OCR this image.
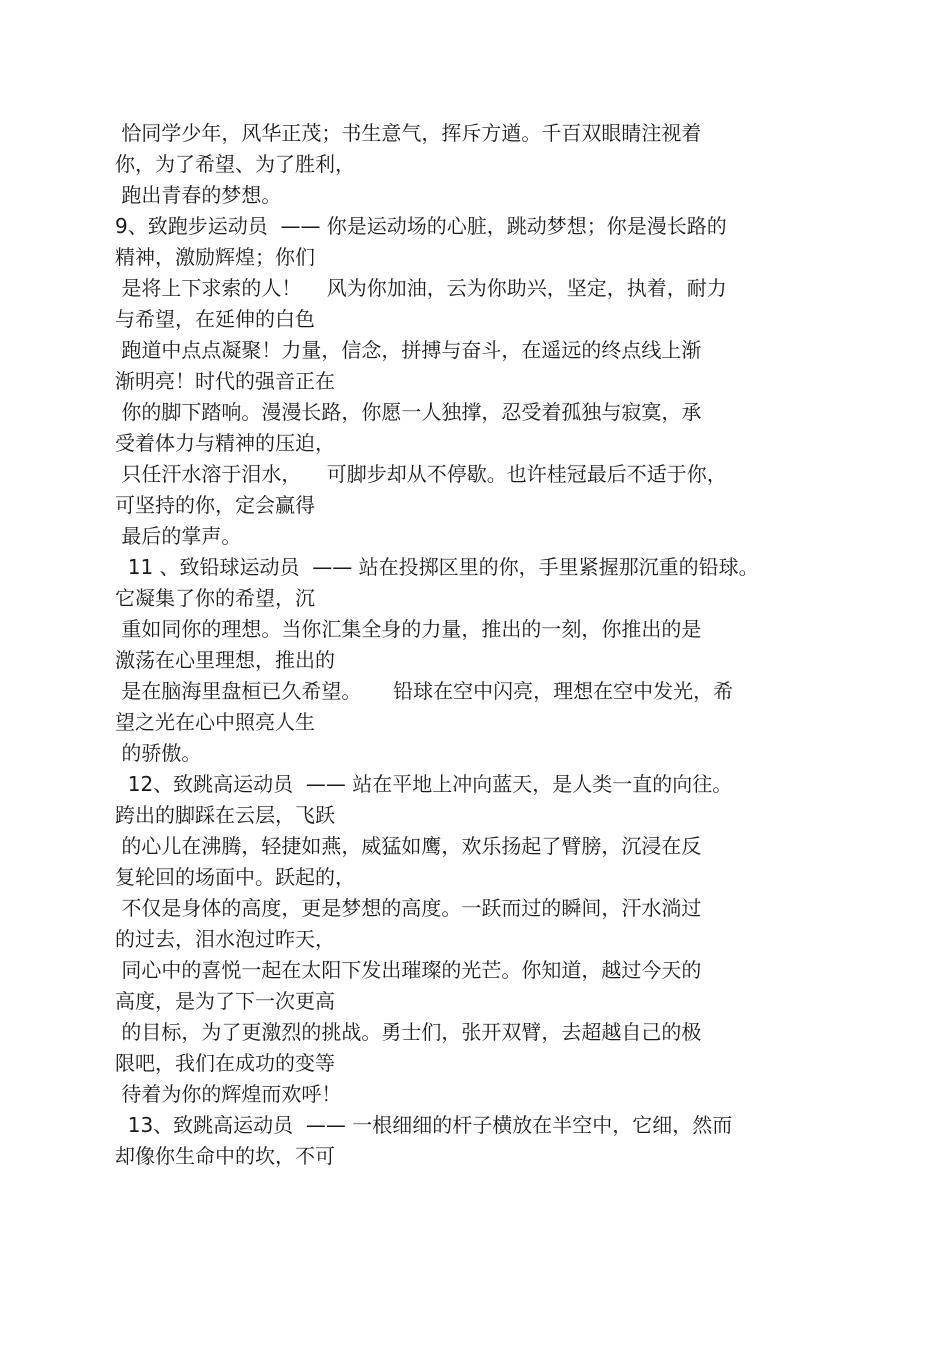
恰同学少年，风华正茂；书生意气，挥斥方遒。千百双眼睛注视着
你，为了希望、为了胜利，
跑出青春的梦想。
9、致跑步运动员  —— 你是运动场的心脏，跳动梦想；你是漫长路的
精神，激励辉煌；你们
是将上下求索的人！    风为你加油，云为你助兴，坚定，执着，耐力
与希望，在延伸的白色
跑道中点点凝聚！力量，信念，拼搏与奋斗，在遥远的终点线上渐
渐明亮！时代的强音正在
你的脚下踏响。漫漫长路，你愿一人独撑，忍受着孤独与寂寞，承
受着体力与精神的压迫，
只任汗水溶于泪水，    可脚步却从不停歇。也许桂冠最后不适于你，
可坚持的你，定会赢得
最后的掌声。
11 、致铅球运动员  —— 站在投掷区里的你，手里紧握那沉重的铅球。
它凝集了你的希望，沉
重如同你的理想。当你汇集全身的力量，推出的一刻，你推出的是
激荡在心里理想，推出的
是在脑海里盘桓已久希望。     铅球在空中闪亮，理想在空中发光，希
望之光在心中照亮人生
的骄傲。
12、致跳高运动员  —— 站在平地上冲向蓝天，是人类一直的向往。
跨出的脚踩在云层，飞跃
的心儿在沸腾，轻捷如燕，威猛如鹰，欢乐扬起了臂膀，沉浸在反
复轮回的场面中。跃起的，
不仅是身体的高度，更是梦想的高度。一跃而过的瞬间，汗水淌过
的过去，泪水泡过昨天，
同心中的喜悦一起在太阳下发出璀璨的光芒。你知道，越过今天的
高度，是为了下一次更高
的目标，为了更激烈的挑战。勇士们，张开双臂，去超越自己的极
限吧，我们在成功的变等
待着为你的辉煌而欢呼！
13、致跳高运动员  —— 一根细细的杆子横放在半空中，它细，然而
却像你生命中的坎，不可
